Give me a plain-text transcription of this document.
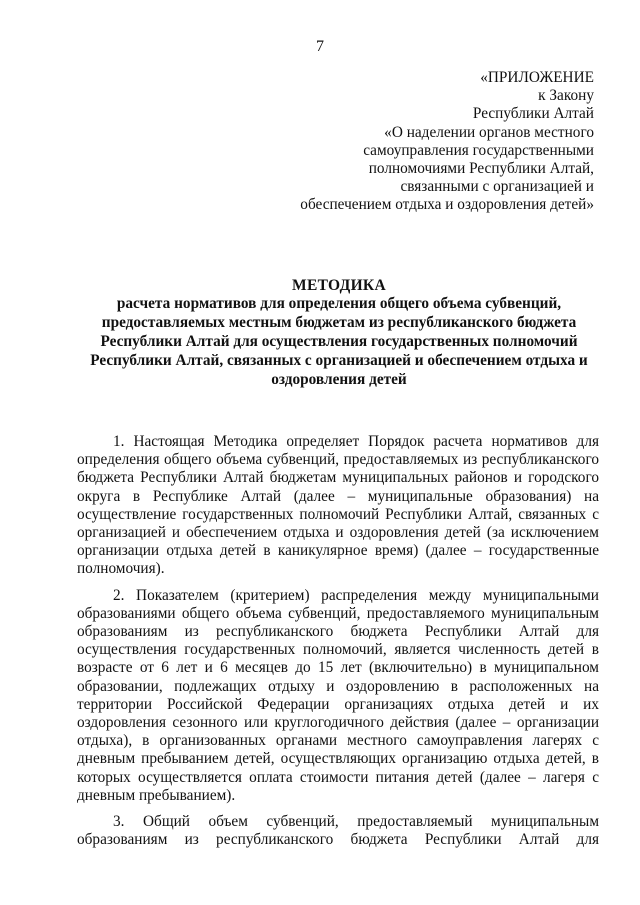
7
«ПРИЛОЖЕНИЕ
к Закону
Республики Алтай
«О наделении органов местного
самоуправления государственными
полномочиями Республики Алтай,
связанными с организацией и
обеспечением отдыха и оздоровления детей»
МЕТОДИКА
расчета нормативов для определения общего объема субвенций,
предоставляемых местным бюджетам из республиканского бюджета
Республики Алтай для осуществления государственных полномочий
Республики Алтай, связанных с организацией и обеспечением отдыха и
оздоровления детей
1. Настоящая Методика определяет Порядок расчета нормативов для
определения общего объема субвенций, предоставляемых из республиканского
бюджета Республики Алтай бюджетам муниципальных районов и городского
округа в Республике Алтай (далее – муниципальные образования) на
осуществление государственных полномочий Республики Алтай, связанных с
организацией и обеспечением отдыха и оздоровления детей (за исключением
организации отдыха детей в каникулярное время) (далее – государственные
полномочия).
2. Показателем (критерием) распределения между муниципальными
образованиями общего объема субвенций, предоставляемого муниципальным
образованиям из республиканского бюджета Республики Алтай для
осуществления государственных полномочий, является численность детей в
возрасте от 6 лет и 6 месяцев до 15 лет (включительно) в муниципальном
образовании, подлежащих отдыху и оздоровлению в расположенных на
территории Российской Федерации организациях отдыха детей и их
оздоровления сезонного или круглогодичного действия (далее – организации
отдыха), в организованных органами местного самоуправления лагерях с
дневным пребыванием детей, осуществляющих организацию отдыха детей, в
которых осуществляется оплата стоимости питания детей (далее – лагеря с
дневным пребыванием).
3. Общий объем субвенций, предоставляемый муниципальным
образованиям из республиканского бюджета Республики Алтай для
